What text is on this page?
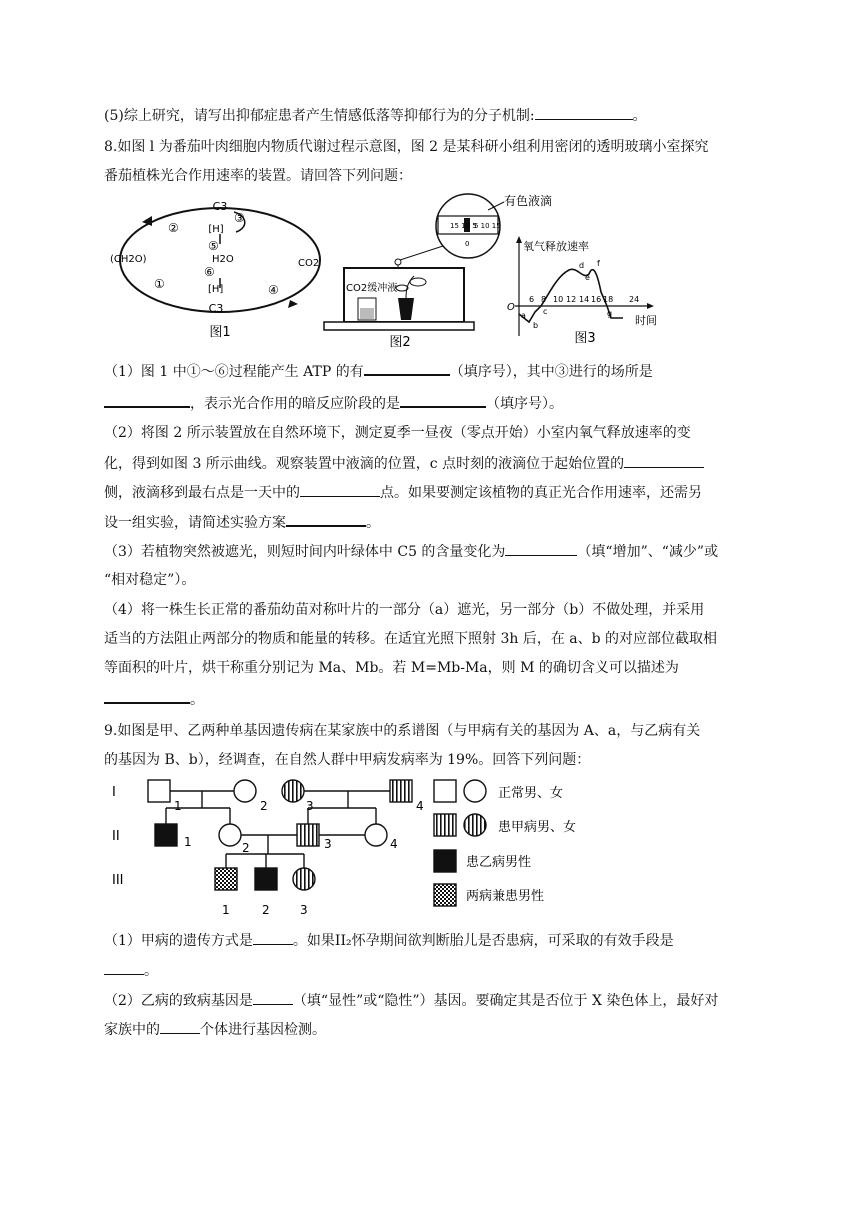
(5)综上研究，请写出抑郁症患者产生情感低落等抑郁行为的分子机制:	。
8.如图 l 为番茄叶肉细胞内物质代谢过程示意图，图 2 是某科研小组利用密闭的透明玻璃小室探究
番茄植株光合作用速率的装置。请回答下列问题：
（1）图 1 中①～⑥过程能产生 ATP 的有	（填序号），其中③进行的场所是
，表示光合作用的暗反应阶段的是	（填序号）。
（2）将图 2 所示装置放在自然环境下，测定夏季一昼夜（零点开始）小室内氧气释放速率的变
化，得到如图 3 所示曲线。观察装置中液滴的位置，c 点时刻的液滴位于起始位置的
侧，液滴移到最右点是一天中的	点。如果要测定该植物的真正光合作用速率，还需另
设一组实验，请简述实验方案	。
（3）若植物突然被遮光，则短时间内叶绿体中 C5 的含量变化为	（填“增加”、“减少”或
“相对稳定”）。
（4）将一株生长正常的番茄幼苗对称叶片的一部分（a）遮光，另一部分（b）不做处理，并采用
适当的方法阻止两部分的物质和能量的转移。在适宜光照下照射 3h 后，在 a、b 的对应部位截取相
等面积的叶片，烘干称重分别记为 Ma、Mb。若 M=Mb-Ma，则 M 的确切含义可以描述为
。
9.如图是甲、乙两种单基因遗传病在某家族中的系谱图（与甲病有关的基因为 A、a，与乙病有关
的基因为 B、b），经调查，在自然人群中甲病发病率为 19%。回答下列问题：
（1）甲病的遗传方式是	。如果II₂怀孕期间欲判断胎儿是否患病，可采取的有效手段是
。
（2）乙病的致病基因是	（填“显性”或“隐性”）基因。要确定其是否位于 X 染色体上，最好对
家族中的	个体进行基因检测。
C3
③
[H]
⑤
H2O
⑥
[H]
C3
②
①	④
(CH2O)	CO2
图1
15 10 5
5 10 15
0
有色液滴
CO2缓冲液
图2
O
氧气释放速率
时间
6 8 10 12 14 16 18 24
a
b
c
d
e
f
g
图3
I
II
III
1	2	3	4
1	2	3	4
1	2	3
正常男、女
患甲病男、女
患乙病男性
两病兼患男性
